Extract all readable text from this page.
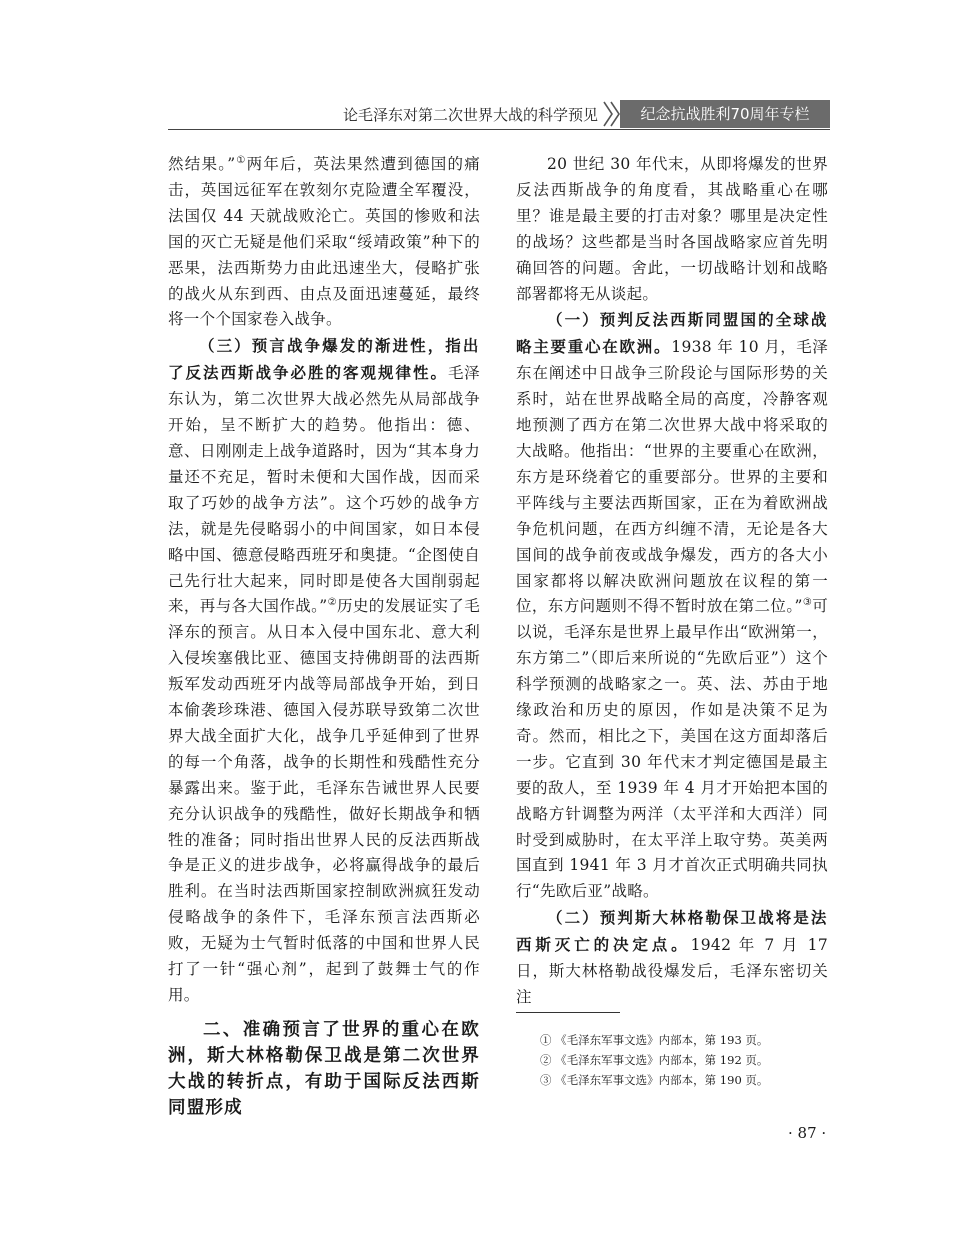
论毛泽东对第二次世界大战的科学预见	纪念抗战胜利70周年专栏

然结果。”①两年后，英法果然遭到德国的痛击，英国远征军在敦刻尔克险遭全军覆没，法国仅 44 天就战败沦亡。英国的惨败和法国的灭亡无疑是他们采取“绥靖政策”种下的恶果，法西斯势力由此迅速坐大，侵略扩张的战火从东到西、由点及面迅速蔓延，最终将一个个国家卷入战争。

（三）预言战争爆发的渐进性，指出了反法西斯战争必胜的客观规律性。毛泽东认为，第二次世界大战必然先从局部战争开始，呈不断扩大的趋势。他指出：德、意、日刚刚走上战争道路时，因为“其本身力量还不充足，暂时未便和大国作战，因而采取了巧妙的战争方法”。这个巧妙的战争方法，就是先侵略弱小的中间国家，如日本侵略中国、德意侵略西班牙和奥捷。“企图使自己先行壮大起来，同时即是使各大国削弱起来，再与各大国作战。”②历史的发展证实了毛泽东的预言。从日本入侵中国东北、意大利入侵埃塞俄比亚、德国支持佛朗哥的法西斯叛军发动西班牙内战等局部战争开始，到日本偷袭珍珠港、德国入侵苏联导致第二次世界大战全面扩大化，战争几乎延伸到了世界的每一个角落，战争的长期性和残酷性充分暴露出来。鉴于此，毛泽东告诫世界人民要充分认识战争的残酷性，做好长期战争和牺牲的准备；同时指出世界人民的反法西斯战争是正义的进步战争，必将赢得战争的最后胜利。在当时法西斯国家控制欧洲疯狂发动侵略战争的条件下，毛泽东预言法西斯必败，无疑为士气暂时低落的中国和世界人民打了一针“强心剂”，起到了鼓舞士气的作用。

二、准确预言了世界的重心在欧洲，斯大林格勒保卫战是第二次世界大战的转折点，有助于国际反法西斯同盟形成

20 世纪 30 年代末，从即将爆发的世界反法西斯战争的角度看，其战略重心在哪里？谁是最主要的打击对象？哪里是决定性的战场？这些都是当时各国战略家应首先明确回答的问题。舍此，一切战略计划和战略部署都将无从谈起。

（一）预判反法西斯同盟国的全球战略主要重心在欧洲。1938 年 10 月，毛泽东在阐述中日战争三阶段论与国际形势的关系时，站在世界战略全局的高度，冷静客观地预测了西方在第二次世界大战中将采取的大战略。他指出：“世界的主要重心在欧洲，东方是环绕着它的重要部分。世界的主要和平阵线与主要法西斯国家，正在为着欧洲战争危机问题，在西方纠缠不清，无论是各大国间的战争前夜或战争爆发，西方的各大小国家都将以解决欧洲问题放在议程的第一位，东方问题则不得不暂时放在第二位。”③可以说，毛泽东是世界上最早作出“欧洲第一，东方第二”（即后来所说的“先欧后亚”）这个科学预测的战略家之一。英、法、苏由于地缘政治和历史的原因，作如是决策不足为奇。然而，相比之下，美国在这方面却落后一步。它直到 30 年代末才判定德国是最主要的敌人，至 1939 年 4 月才开始把本国的战略方针调整为两洋（太平洋和大西洋）同时受到威胁时，在太平洋上取守势。英美两国直到 1941 年 3 月才首次正式明确共同执行“先欧后亚”战略。

（二）预判斯大林格勒保卫战将是法西斯灭亡的决定点。1942 年 7 月 17 日，斯大林格勒战役爆发后，毛泽东密切关注

① 《毛泽东军事文选》内部本，第 193 页。
② 《毛泽东军事文选》内部本，第 192 页。
③ 《毛泽东军事文选》内部本，第 190 页。
· 87 ·
